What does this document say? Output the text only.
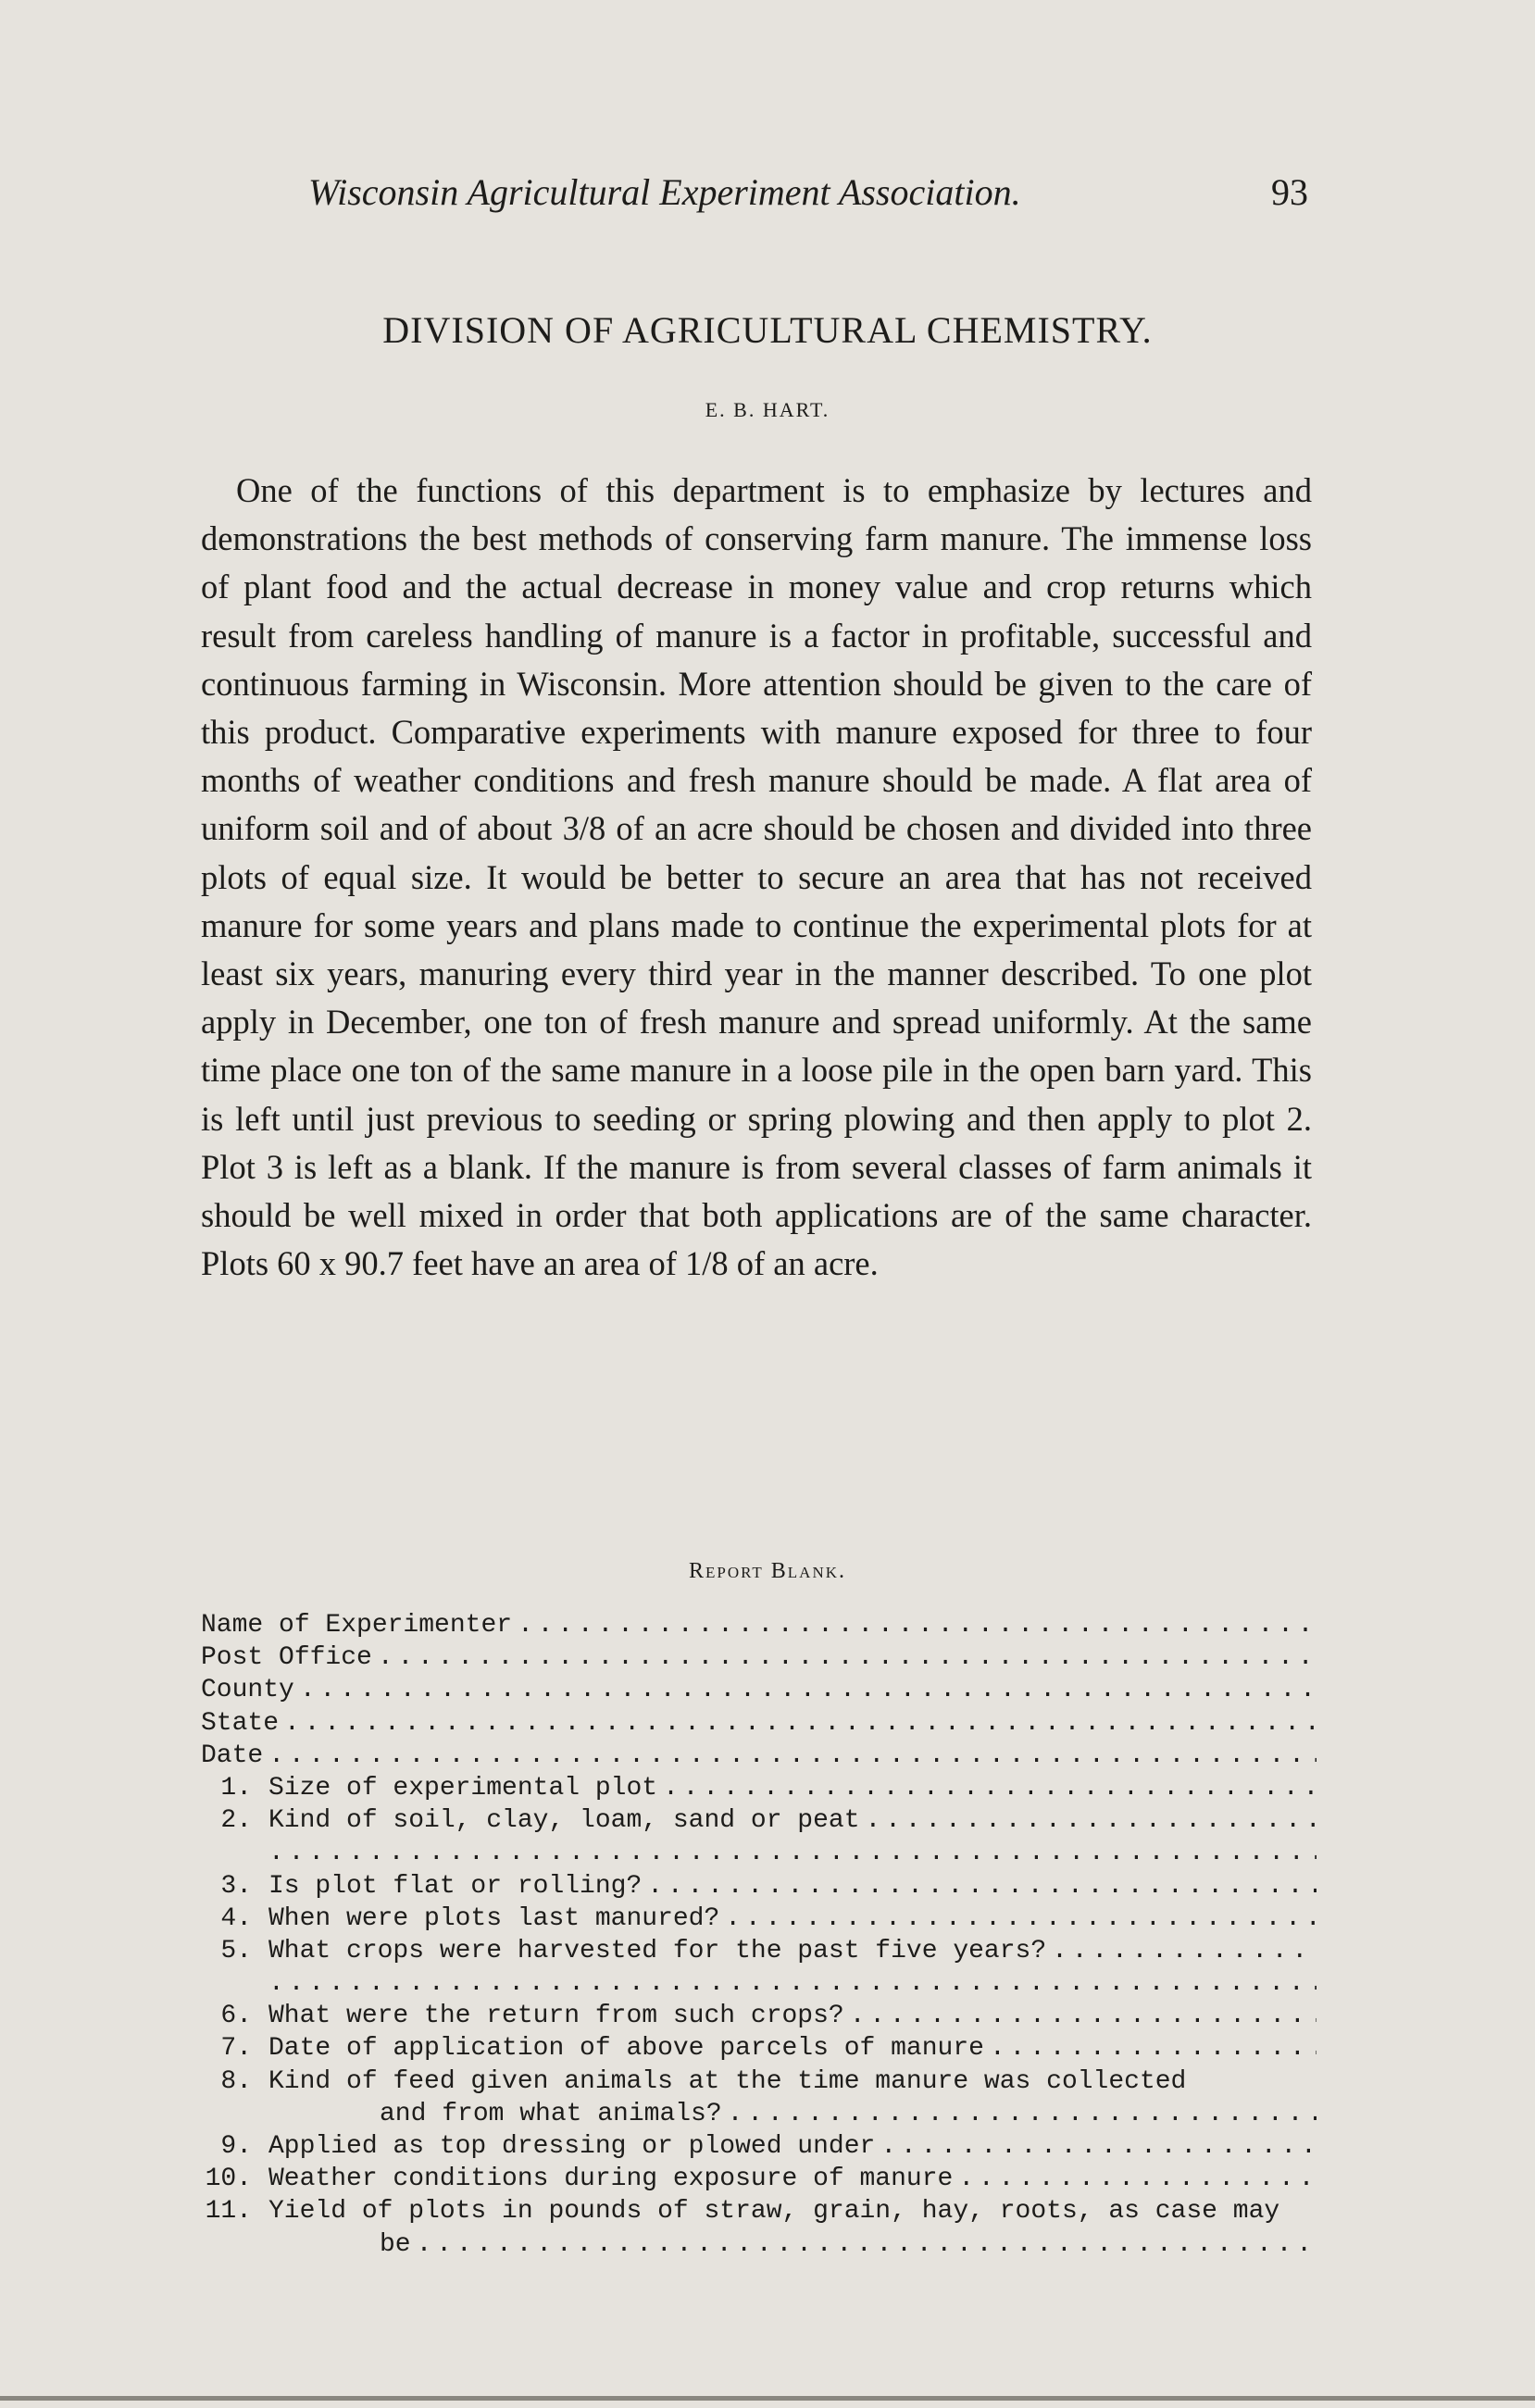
Wisconsin Agricultural Experiment Association.	93
DIVISION OF AGRICULTURAL CHEMISTRY.
E. B. HART.

One of the functions of this department is to emphasize by lectures and demonstrations the best methods of conserving farm manure. The immense loss of plant food and the actual decrease in money value and crop returns which result from careless handling of manure is a factor in profitable, successful and continuous farming in Wisconsin. More attention should be given to the care of this product. Comparative experiments with manure exposed for three to four months of weather conditions and fresh manure should be made. A flat area of uniform soil and of about 3/8 of an acre should be chosen and divided into three plots of equal size. It would be better to secure an area that has not received manure for some years and plans made to continue the experimental plots for at least six years, manuring every third year in the manner described. To one plot apply in December, one ton of fresh manure and spread uniformly. At the same time place one ton of the same manure in a loose pile in the open barn yard. This is left until just previous to seeding or spring plowing and then apply to plot 2. Plot 3 is left as a blank. If the manure is from several classes of farm animals it should be well mixed in order that both applications are of the same character. Plots 60 x 90.7 feet have an area of 1/8 of an acre.

Report Blank.
Name of Experimenter
. . .
Post Office
. . .
County
. . .
State
. . .
Date
. . .
1. Size of experimental plot
. . .
2. Kind of soil, clay, loam, sand or peat
. . .
. . .
3. Is plot flat or rolling?
. . .
4. When were plots last manured?
. . .
5. What crops were harvested for the past five years?
. . .
. . .
6. What were the return from such crops?
. . .
7. Date of application of above parcels of manure
. . .
8. Kind of feed given animals at the time manure was collected
and from what animals?
. . .
9. Applied as top dressing or plowed under
. . .
10. Weather conditions during exposure of manure
. . .
11. Yield of plots in pounds of straw, grain, hay, roots, as case may
be
. . .
